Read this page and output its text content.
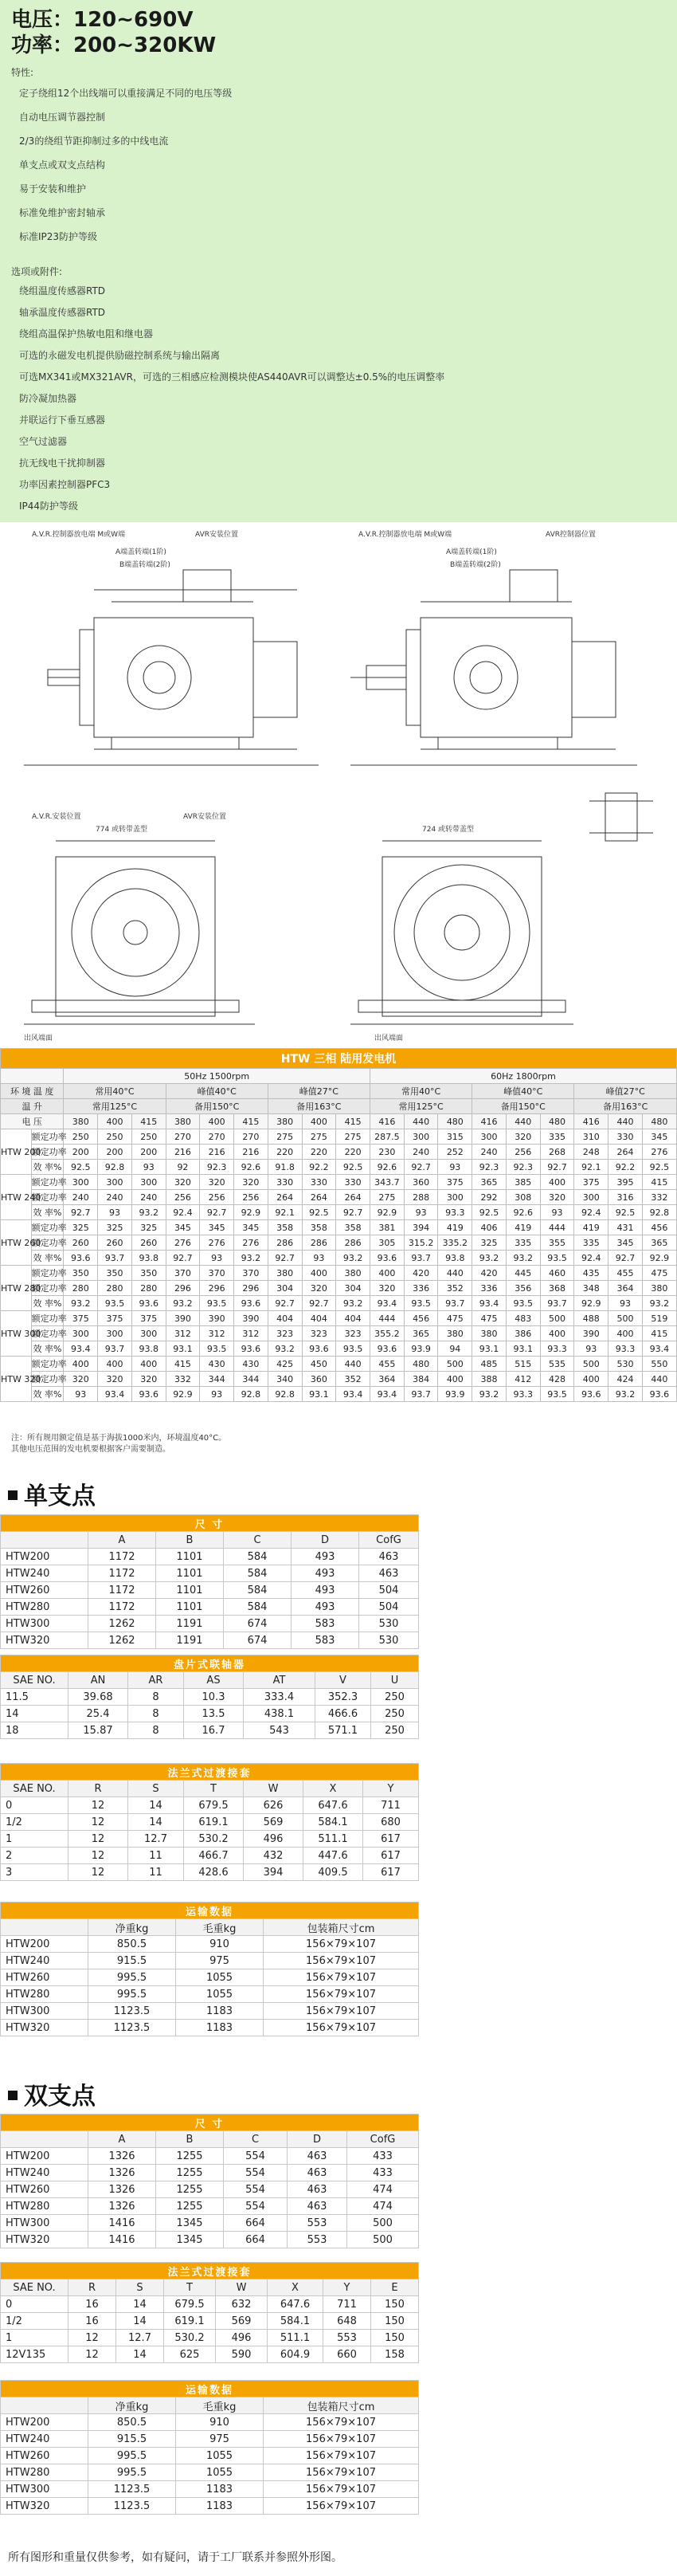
电压：120~690V
功率：200~320KW
特性:
定子绕组12个出线端可以重接满足不同的电压等级
自动电压调节器控制
2/3的绕组节距抑制过多的中线电流
单支点或双支点结构
易于安装和维护
标准免维护密封轴承
标准IP23防护等级
选项或附件:
绕组温度传感器RTD
轴承温度传感器RTD
绕组高温保护热敏电阻和继电器
可选的永磁发电机提供励磁控制系统与输出隔离
可选MX341或MX321AVR，可选的三相感应检测模块使AS440AVR可以调整达±0.5%的电压调整率
防冷凝加热器
并联运行下垂互感器
空气过滤器
抗无线电干扰抑制器
功率因素控制器PFC3
IP44防护等级
A.V.R.控制器放电端 M或W端	AVR安装位置	A.V.R.控制器放电端 M或W端	AVR控制器位置
A端盖转端(1阶)	A端盖转端(1阶)
B端盖转端(2阶)	B端盖转端(2阶)
A.V.R.安装位置	AVR安装位置
774 或转带盖型	724 或转带盖型
出风端面	出风端面
HTW 三相 陆用发电机																			
		50Hz 1500rpm									60Hz 1800rpm								
环 境 温 度		常用40°C			峰值40°C			峰值27°C			常用40°C			峰值40°C			峰值27°C		
温 升		常用125°C			备用150°C			备用163°C			常用125°C			备用150°C			备用163°C		
电 压		380	400	415	380	400	415	380	400	415	416	440	480	416	440	480	416	440	480
HTW 200	额定功率	250	250	250	270	270	270	275	275	275	287.5	300	315	300	320	335	310	330	345
	额定功率	200	200	200	216	216	216	220	220	220	230	240	252	240	256	268	248	264	276
	效 率%	92.5	92.8	93	92	92.3	92.6	91.8	92.2	92.5	92.6	92.7	93	92.3	92.3	92.7	92.1	92.2	92.5
HTW 240	额定功率	300	300	300	320	320	320	330	330	330	343.7	360	375	365	385	400	375	395	415
	额定功率	240	240	240	256	256	256	264	264	264	275	288	300	292	308	320	300	316	332
	效 率%	92.7	93	93.2	92.4	92.7	92.9	92.1	92.5	92.7	92.9	93	93.3	92.5	92.6	93	92.4	92.5	92.8
HTW 260	额定功率	325	325	325	345	345	345	358	358	358	381	394	419	406	419	444	419	431	456
	额定功率	260	260	260	276	276	276	286	286	286	305	315.2	335.2	325	335	355	335	345	365
	效 率%	93.6	93.7	93.8	92.7	93	93.2	92.7	93	93.2	93.6	93.7	93.8	93.2	93.2	93.5	92.4	92.7	92.9
HTW 280	额定功率	350	350	350	370	370	370	380	400	380	400	420	440	420	445	460	435	455	475
	额定功率	280	280	280	296	296	296	304	320	304	320	336	352	336	356	368	348	364	380
	效 率%	93.2	93.5	93.6	93.2	93.5	93.6	92.7	92.7	93.2	93.4	93.5	93.7	93.4	93.5	93.7	92.9	93	93.2
HTW 300	额定功率	375	375	375	390	390	390	404	404	404	444	456	475	475	483	500	488	500	519
	额定功率	300	300	300	312	312	312	323	323	323	355.2	365	380	380	386	400	390	400	415
	效 率%	93.4	93.7	93.8	93.1	93.5	93.6	93.2	93.6	93.5	93.6	93.9	94	93.1	93.1	93.3	93	93.3	93.4
HTW 320	额定功率	400	400	400	415	430	430	425	450	440	455	480	500	485	515	535	500	530	550
	额定功率	320	320	320	332	344	344	340	360	352	364	384	400	388	412	428	400	424	440
	效 率%	93	93.4	93.6	92.9	93	92.8	92.8	93.1	93.4	93.4	93.7	93.9	93.2	93.3	93.5	93.6	93.2	93.6
注：所有规用额定值是基于海拔1000米内，环境温度40°C。
其他电压范围的发电机要根据客户需要制造。
单支点
尺 寸					
	A	B	C	D	CofG
HTW200	1172	1101	584	493	463
HTW240	1172	1101	584	493	463
HTW260	1172	1101	584	493	504
HTW280	1172	1101	584	493	504
HTW300	1262	1191	674	583	530
HTW320	1262	1191	674	583	530
盘片式联轴器						
SAE NO.	AN	AR	AS	AT	V	U
11.5	39.68	8	10.3	333.4	352.3	250
14	25.4	8	13.5	438.1	466.6	250
18	15.87	8	16.7	543	571.1	250
法兰式过渡接套						
SAE NO.	R	S	T	W	X	Y
0	12	14	679.5	626	647.6	711
1/2	12	14	619.1	569	584.1	680
1	12	12.7	530.2	496	511.1	617
2	12	11	466.7	432	447.6	617
3	12	11	428.6	394	409.5	617
运输数据			
	净重kg	毛重kg	包装箱尺寸cm
HTW200	850.5	910	156×79×107
HTW240	915.5	975	156×79×107
HTW260	995.5	1055	156×79×107
HTW280	995.5	1055	156×79×107
HTW300	1123.5	1183	156×79×107
HTW320	1123.5	1183	156×79×107
双支点
尺 寸					
	A	B	C	D	CofG
HTW200	1326	1255	554	463	433
HTW240	1326	1255	554	463	433
HTW260	1326	1255	554	463	474
HTW280	1326	1255	554	463	474
HTW300	1416	1345	664	553	500
HTW320	1416	1345	664	553	500
法兰式过渡接套							
SAE NO.	R	S	T	W	X	Y	E
0	16	14	679.5	632	647.6	711	150
1/2	16	14	619.1	569	584.1	648	150
1	12	12.7	530.2	496	511.1	553	150
12V135	12	14	625	590	604.9	660	158
运输数据			
	净重kg	毛重kg	包装箱尺寸cm
HTW200	850.5	910	156×79×107
HTW240	915.5	975	156×79×107
HTW260	995.5	1055	156×79×107
HTW280	995.5	1055	156×79×107
HTW300	1123.5	1183	156×79×107
HTW320	1123.5	1183	156×79×107
所有图形和重量仅供参考，如有疑问，请于工厂联系并参照外形图。
